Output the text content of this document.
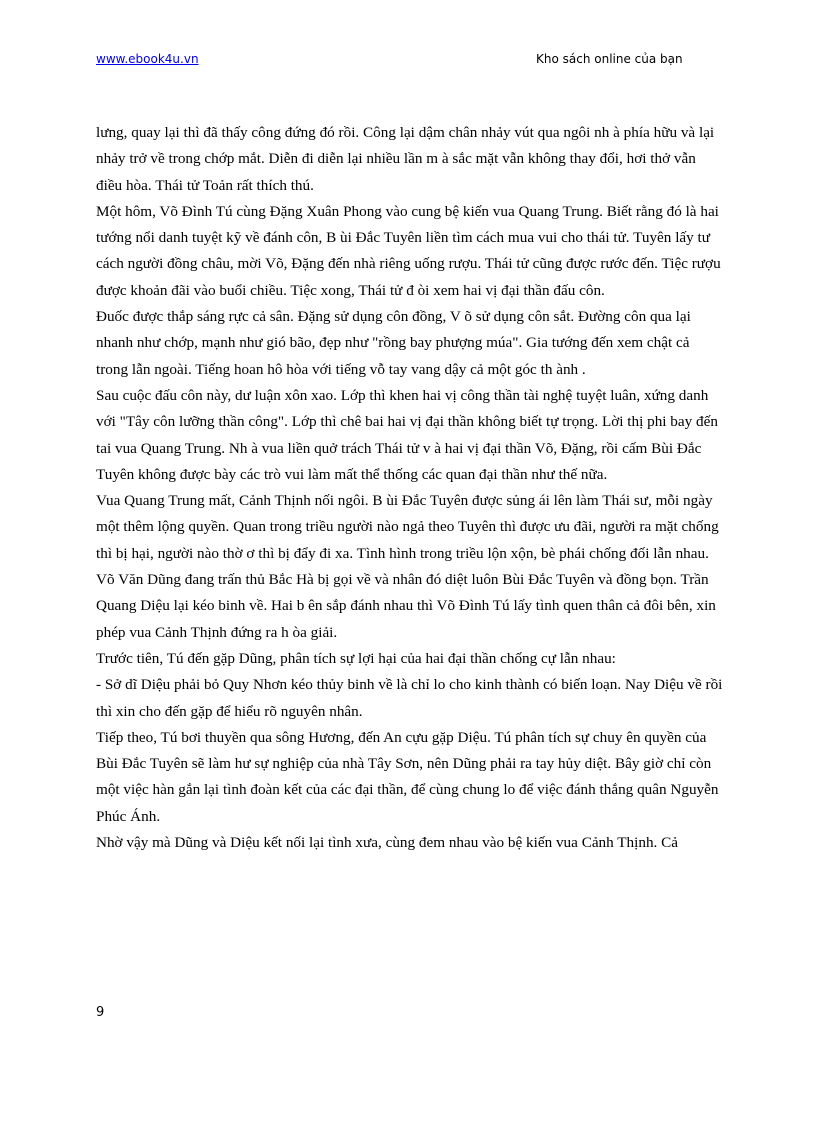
www.ebook4u.vn	Kho sách online của bạn

lưng, quay lại thì đã thấy công đứng đó rồi. Công lại dậm chân nhảy vút qua ngôi nh à phía hữu và lại nhảy trở về trong chớp mắt. Diễn đi diễn lại nhiều lần m à sắc mặt vẫn không thay đổi, hơi thở vẫn điều hòa. Thái tử Toản rất thích thú.

Một hôm, Võ Đình Tú cùng Đặng Xuân Phong vào cung bệ kiến vua Quang Trung. Biết rằng đó là hai tướng nổi danh tuyệt kỹ về đánh côn, B ùi Đắc Tuyên liền tìm cách mua vui cho thái tử. Tuyên lấy tư cách người đồng châu, mời Võ, Đặng đến nhà riêng uống rượu. Thái tử cũng được rước đến. Tiệc rượu được khoản đãi vào buổi chiều. Tiệc xong, Thái tử đ òi xem hai vị đại thần đấu côn.

Đuốc được thắp sáng rực cả sân. Đặng sử dụng côn đồng, V õ sử dụng côn sắt. Đường côn qua lại nhanh như chớp, mạnh như gió bão, đẹp như "rồng bay phượng múa". Gia tướng đến xem chật cả trong lẫn ngoài. Tiếng hoan hô hòa với tiếng vỗ tay vang dậy cả một góc th ành .

Sau cuộc đấu côn này, dư luận xôn xao. Lớp thì khen hai vị công thần tài nghệ tuyệt luân, xứng danh với "Tây côn lưỡng thần công". Lớp thì chê bai hai vị đại thần không biết tự trọng. Lời thị phi bay đến tai vua Quang Trung. Nh à vua liền quở trách Thái tử v à hai vị đại thần Võ, Đặng, rồi cấm Bùi Đắc Tuyên không được bày các trò vui làm mất thể thống các quan đại thần như thế nữa.

Vua Quang Trung mất, Cảnh Thịnh nối ngôi. B ùi Đắc Tuyên được sủng ái lên làm Thái sư, mỗi ngày một thêm lộng quyền. Quan trong triều người nào ngả theo Tuyên thì được ưu đãi, người ra mặt chống thì bị hại, người nào thờ ơ thì bị đẩy đi xa. Tình hình trong triều lộn xộn, bè phái chống đối lẫn nhau. Võ Văn Dũng đang trấn thủ Bắc Hà bị gọi về và nhân đó diệt luôn Bùi Đắc Tuyên và đồng bọn. Trần Quang Diệu lại kéo binh về. Hai b ên sắp đánh nhau thì Võ Đình Tú lấy tình quen thân cả đôi bên, xin phép vua Cảnh Thịnh đứng ra h òa giải.

Trước tiên, Tú đến gặp Dũng, phân tích sự lợi hại của hai đại thần chống cự lẫn nhau:

- Sở dĩ Diệu phải bỏ Quy Nhơn kéo thủy binh về là chỉ lo cho kinh thành có biến loạn. Nay Diệu về rồi thì xin cho đến gặp để hiểu rõ nguyên nhân.

Tiếp theo, Tú bơi thuyền qua sông Hương, đến An cựu gặp Diệu. Tú phân tích sự chuy ên quyền của Bùi Đắc Tuyên sẽ làm hư sự nghiệp của nhà Tây Sơn, nên Dũng phải ra tay hủy diệt. Bây giờ chỉ còn một việc hàn gắn lại tình đoàn kết của các đại thần, để cùng chung lo để việc đánh thắng quân Nguyễn Phúc Ánh.

Nhờ vậy mà Dũng và Diệu kết nối lại tình xưa, cùng đem nhau vào bệ kiến vua Cảnh Thịnh. Cả

9
